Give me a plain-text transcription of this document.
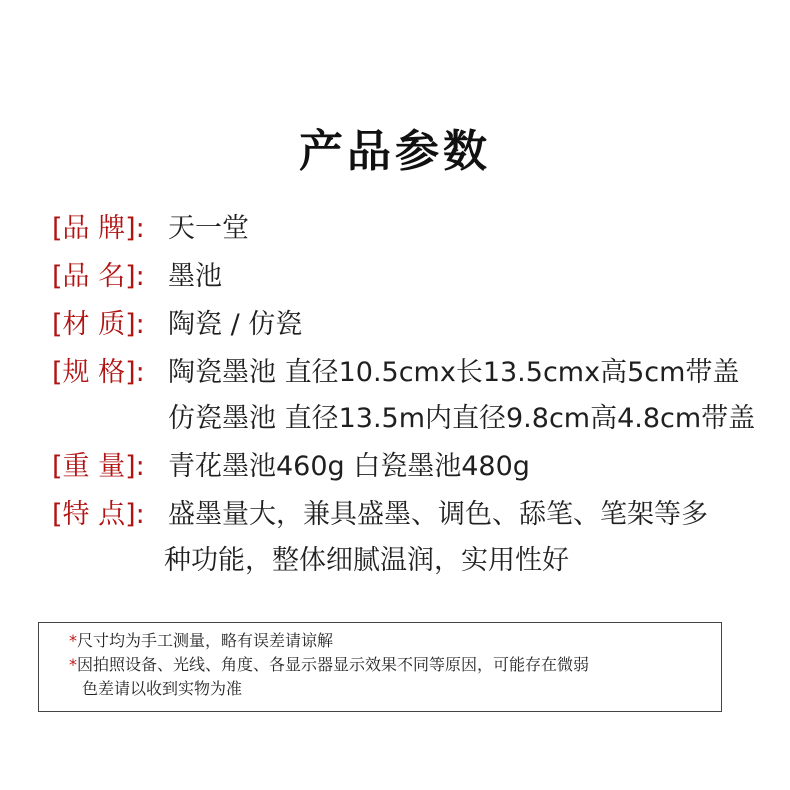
产品参数
[品 牌]: 天一堂
[品 名]: 墨池
[材 质]: 陶瓷 / 仿瓷
[规 格]: 陶瓷墨池 直径10.5cmx长13.5cmx高5cm带盖
仿瓷墨池 直径13.5m内直径9.8cm高4.8cm带盖
[重 量]: 青花墨池460g 白瓷墨池480g
[特 点]: 盛墨量大，兼具盛墨、调色、舔笔、笔架等多
种功能，整体细腻温润，实用性好
*尺寸均为手工测量，略有误差请谅解
*因拍照设备、光线、角度、各显示器显示效果不同等原因，可能存在微弱
色差请以收到实物为准
